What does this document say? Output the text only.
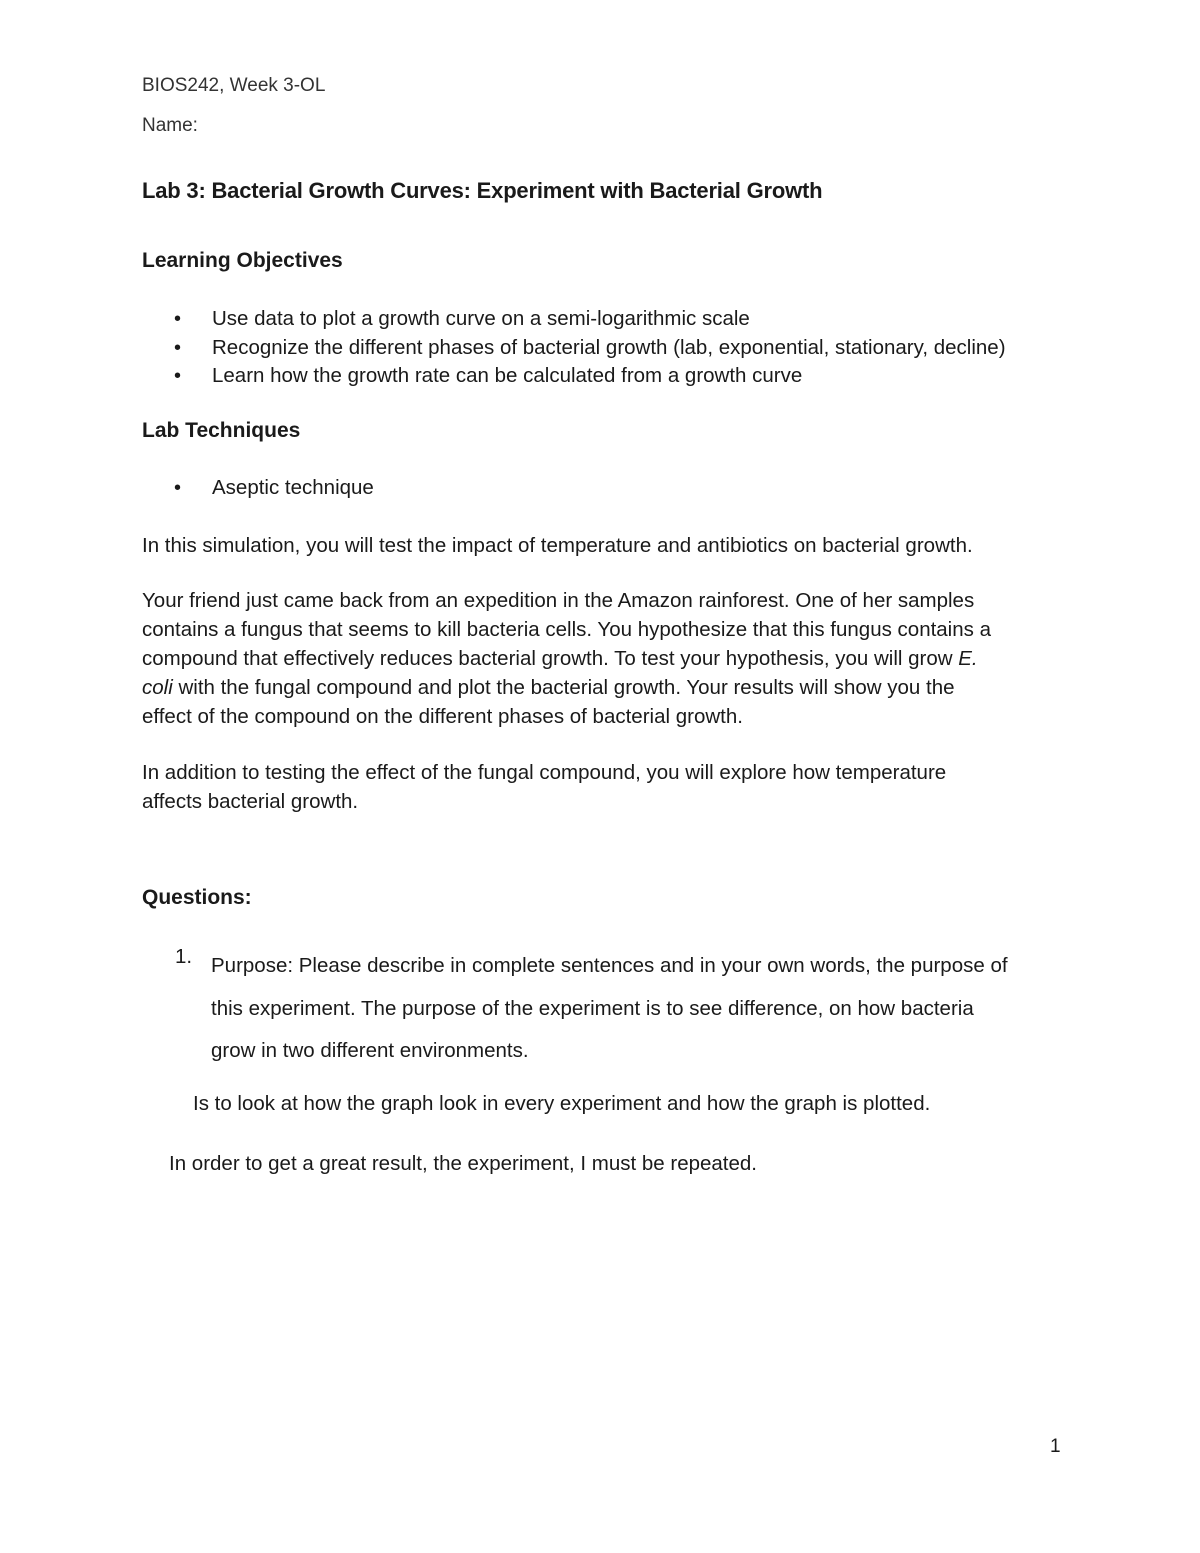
BIOS242, Week 3-OL
Name:
Lab 3: Bacterial Growth Curves: Experiment with Bacterial Growth
Learning Objectives
• Use data to plot a growth curve on a semi-logarithmic scale
• Recognize the different phases of bacterial growth (lab, exponential, stationary, decline)
• Learn how the growth rate can be calculated from a growth curve
Lab Techniques
• Aseptic technique

In this simulation, you will test the impact of temperature and antibiotics on bacterial growth.

Your friend just came back from an expedition in the Amazon rainforest. One of her samples

contains a fungus that seems to kill bacteria cells. You hypothesize that this fungus contains a

compound that effectively reduces bacterial growth. To test your hypothesis, you will grow E.

coli with the fungal compound and plot the bacterial growth. Your results will show you the

effect of the compound on the different phases of bacterial growth.

In addition to testing the effect of the fungal compound, you will explore how temperature

affects bacterial growth.

Questions:
1. Purpose: Please describe in complete sentences and in your own words, the purpose of
this experiment. The purpose of the experiment is to see difference, on how bacteria
grow in two different environments.
Is to look at how the graph look in every experiment and how the graph is plotted.
In order to get a great result, the experiment, I must be repeated.
1
